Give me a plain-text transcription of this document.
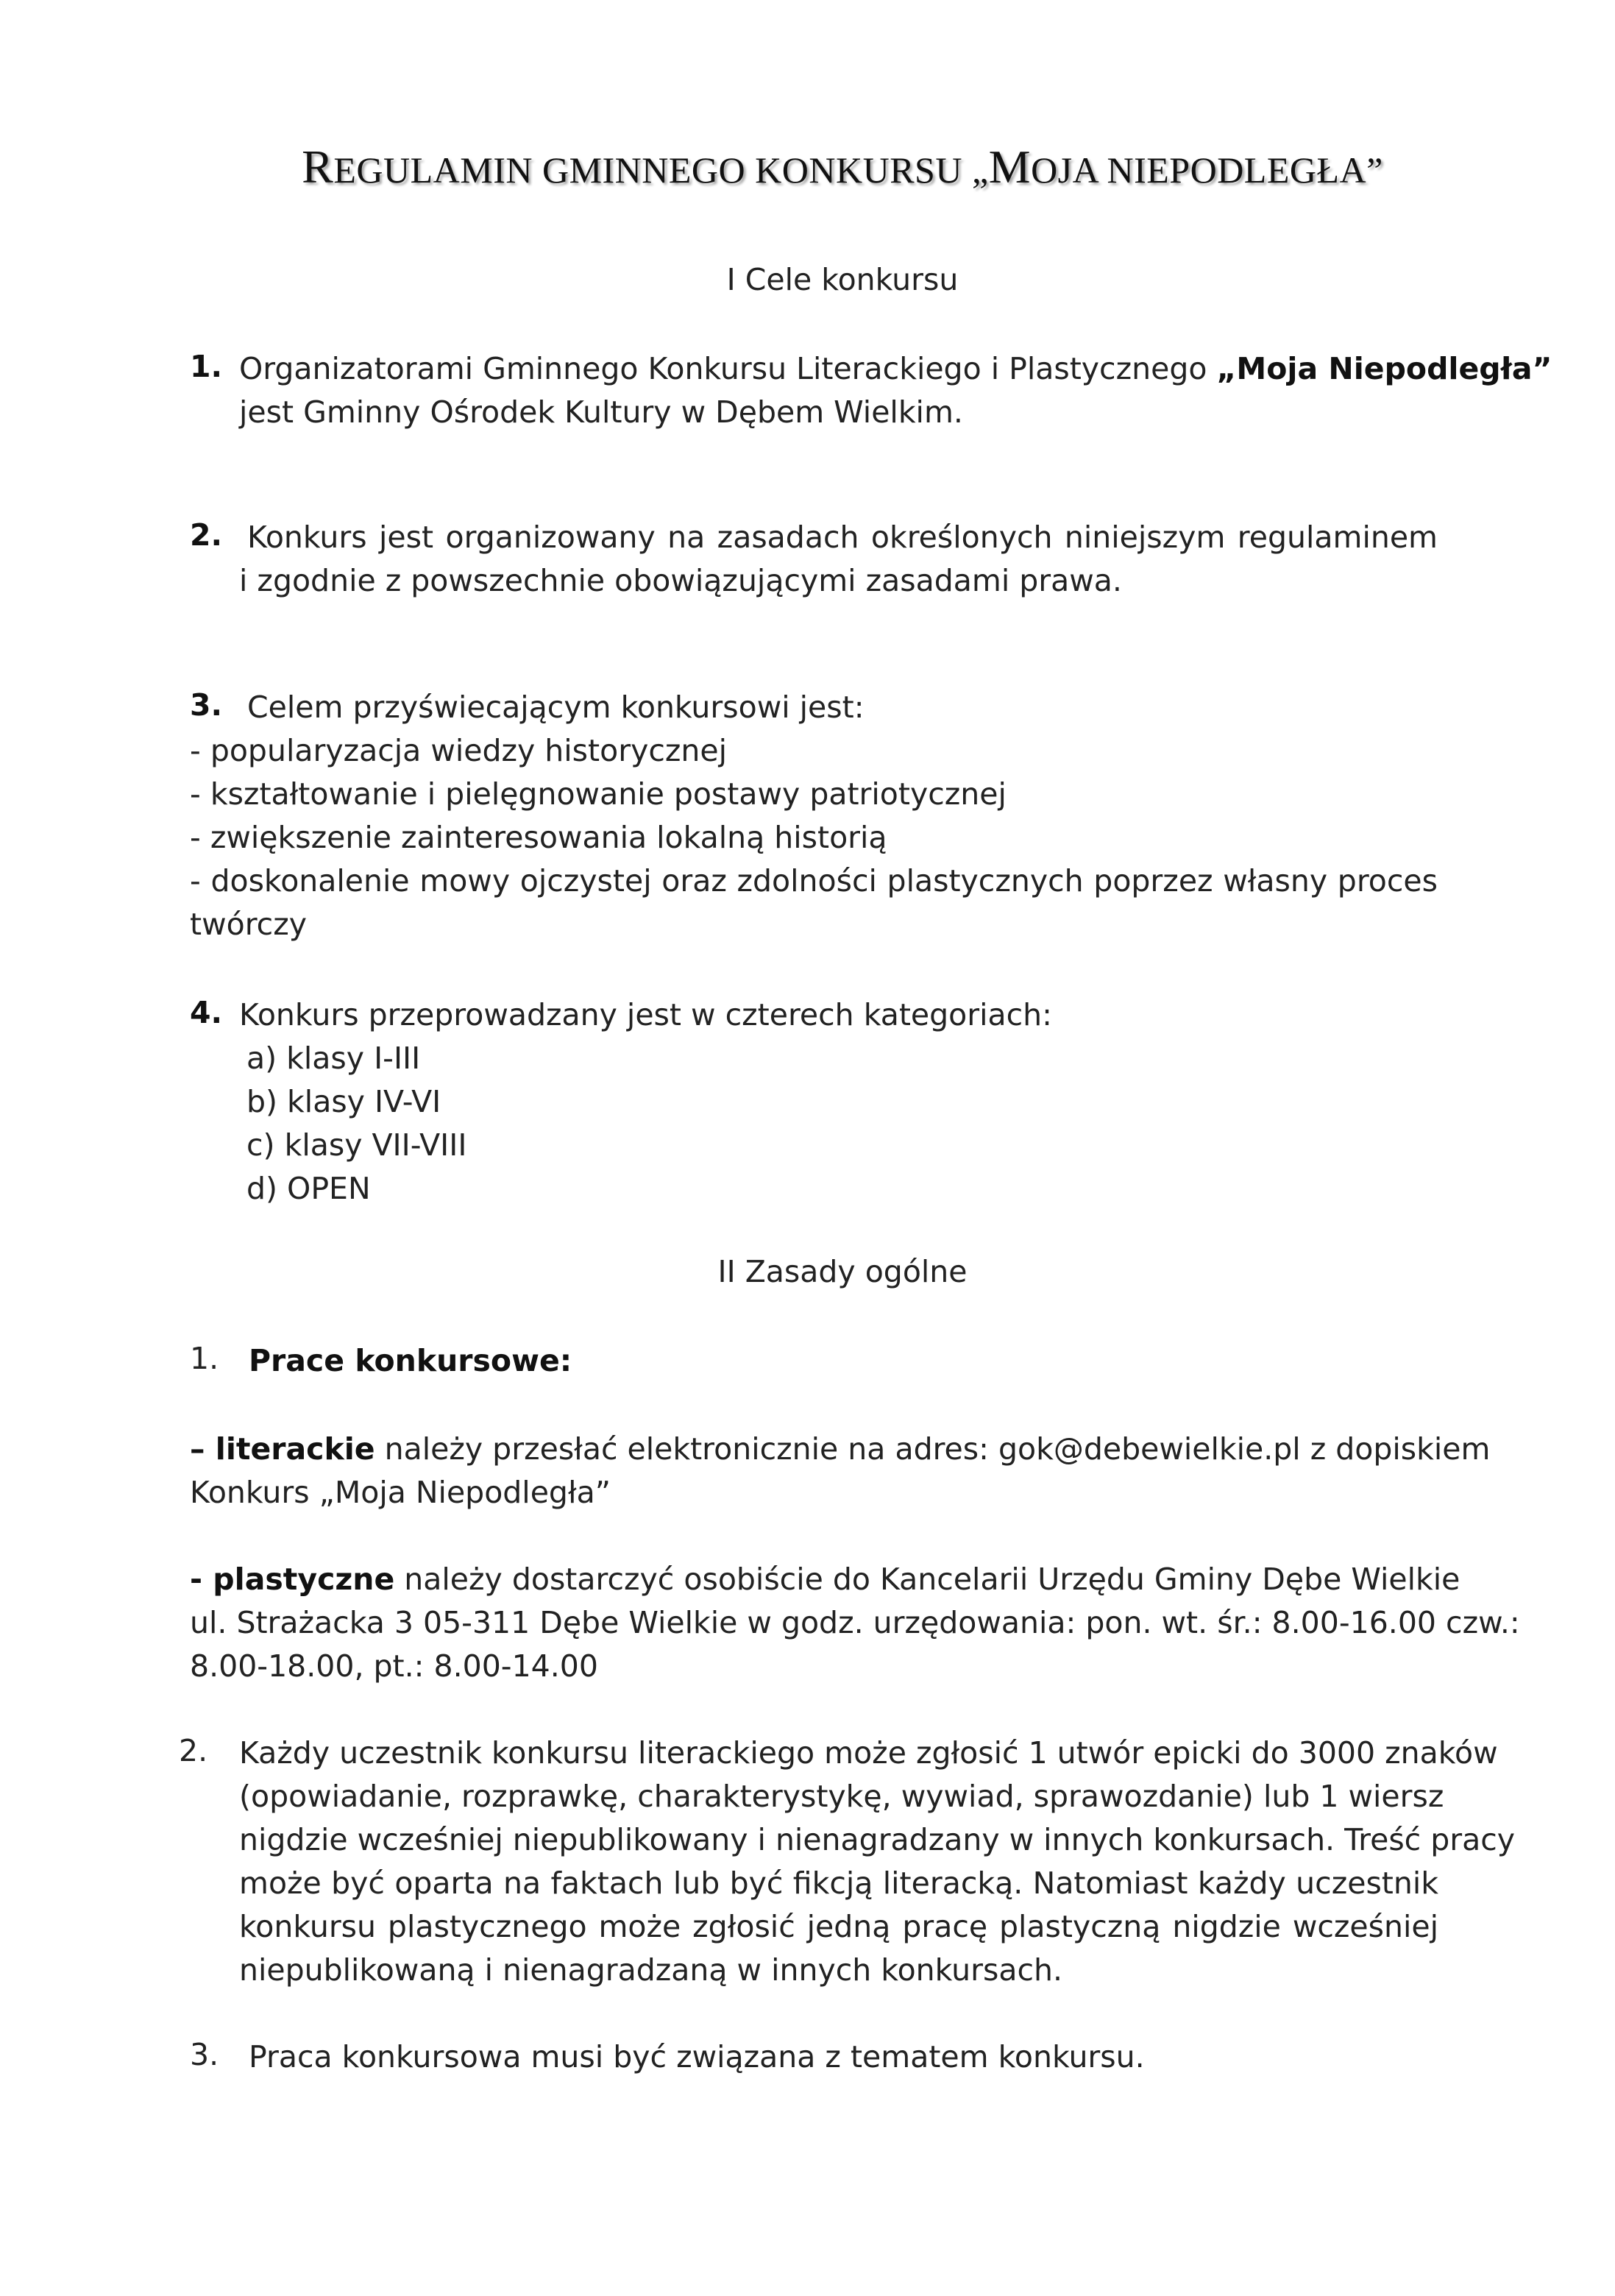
REGULAMIN GMINNEGO KONKURSU „MOJA NIEPODLEGŁA”
I Cele konkursu
1. Organizatorami Gminnego Konkursu Literackiego i Plastycznego „Moja Niepodległa”
jest Gminny Ośrodek Kultury w Dębem Wielkim.
2. Konkurs jest organizowany na zasadach określonych niniejszym regulaminem
i zgodnie z powszechnie obowiązującymi zasadami prawa.
3. Celem przyświecającym konkursowi jest:
- popularyzacja wiedzy historycznej
- kształtowanie i pielęgnowanie postawy patriotycznej
- zwiększenie zainteresowania lokalną historią
- doskonalenie mowy ojczystej oraz zdolności plastycznych poprzez własny proces
twórczy
4. Konkurs przeprowadzany jest w czterech kategoriach:
a) klasy I-III
b) klasy IV-VI
c) klasy VII-VIII
d) OPEN
II Zasady ogólne
1. Prace konkursowe:
– literackie należy przesłać elektronicznie na adres: gok@debewielkie.pl z dopiskiem
Konkurs „Moja Niepodległa”
- plastyczne należy dostarczyć osobiście do Kancelarii Urzędu Gminy Dębe Wielkie
ul. Strażacka 3 05-311 Dębe Wielkie w godz. urzędowania: pon. wt. śr.: 8.00-16.00 czw.:
8.00-18.00, pt.: 8.00-14.00
2. Każdy uczestnik konkursu literackiego może zgłosić 1 utwór epicki do 3000 znaków
(opowiadanie, rozprawkę, charakterystykę, wywiad, sprawozdanie) lub 1 wiersz
nigdzie wcześniej niepublikowany i nienagradzany w innych konkursach. Treść pracy
może być oparta na faktach lub być fikcją literacką. Natomiast każdy uczestnik
konkursu plastycznego może zgłosić jedną pracę plastyczną nigdzie wcześniej
niepublikowaną i nienagradzaną w innych konkursach.
3. Praca konkursowa musi być związana z tematem konkursu.
